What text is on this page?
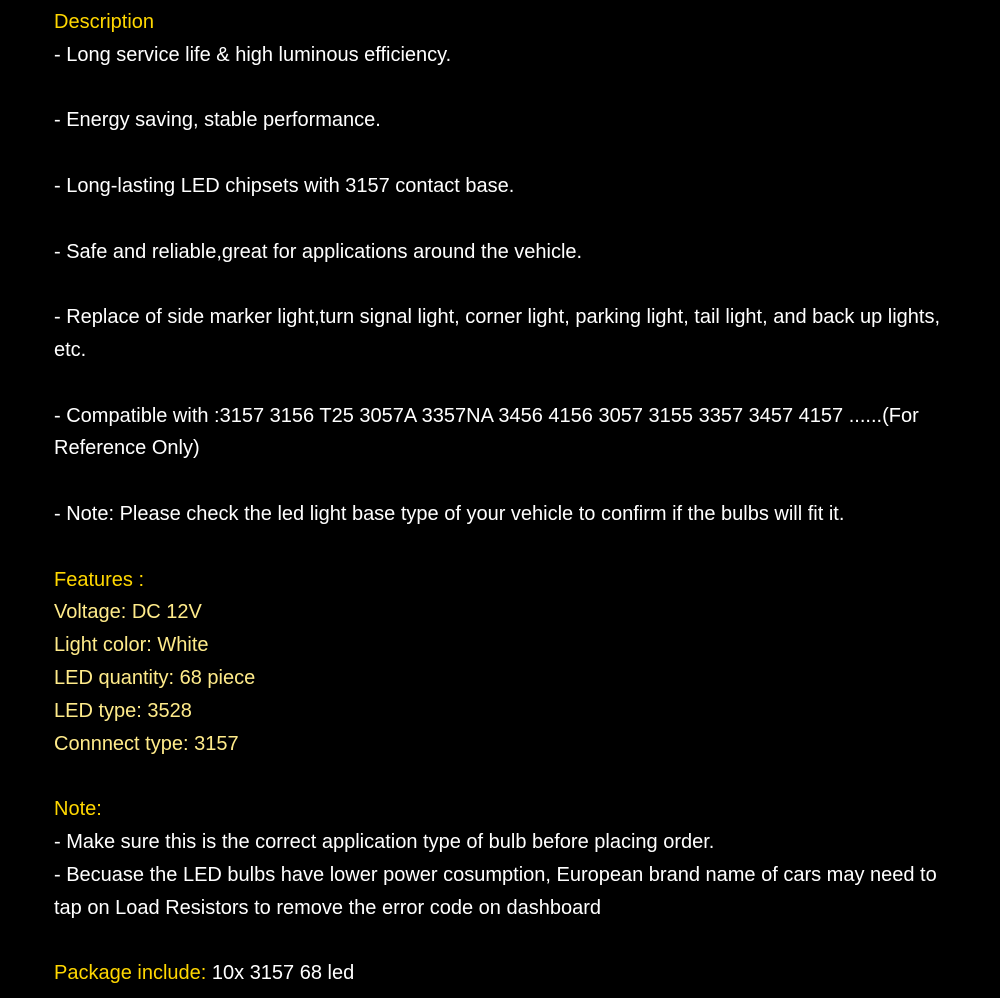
Description
- Long service life & high luminous efficiency.
- Energy saving, stable performance.
- Long-lasting LED chipsets with 3157 contact base.
- Safe and reliable,great for applications around the vehicle.
- Replace of side marker light,turn signal light, corner light, parking light, tail light, and back up lights, etc.
- Compatible with :3157 3156 T25 3057A 3357NA 3456 4156 3057 3155 3357 3457 4157 ......(For Reference Only)
- Note: Please check the led light base type of your vehicle to confirm if the bulbs will fit it.
Features :
Voltage: DC 12V
Light color: White
LED quantity: 68 piece
LED type: 3528
Connnect type: 3157
Note:
- Make sure this is the correct application type of bulb before placing order.
- Becuase the LED bulbs have lower power cosumption, European brand name of cars may need to tap on Load Resistors to remove the error code on dashboard
Package include: 10x 3157 68 led
